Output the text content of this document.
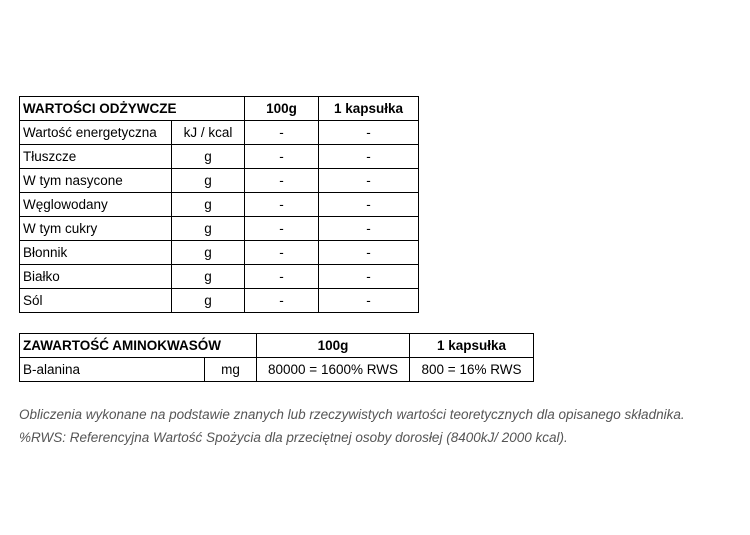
WARTOŚCI ODŻYWCZE		100g	1 kapsułka
Wartość energetyczna	kJ / kcal	-	-
Tłuszcze	g	-	-
W tym nasycone	g	-	-
Węglowodany	g	-	-
W tym cukry	g	-	-
Błonnik	g	-	-
Białko	g	-	-
Sól	g	-	-
ZAWARTOŚĆ AMINOKWASÓW		100g	1 kapsułka
B-alanina	mg	80000 = 1600% RWS	800 = 16% RWS
Obliczenia wykonane na podstawie znanych lub rzeczywistych wartości teoretycznych dla opisanego składnika.
%RWS: Referencyjna Wartość Spożycia dla przeciętnej osoby dorosłej (8400kJ/ 2000 kcal).
